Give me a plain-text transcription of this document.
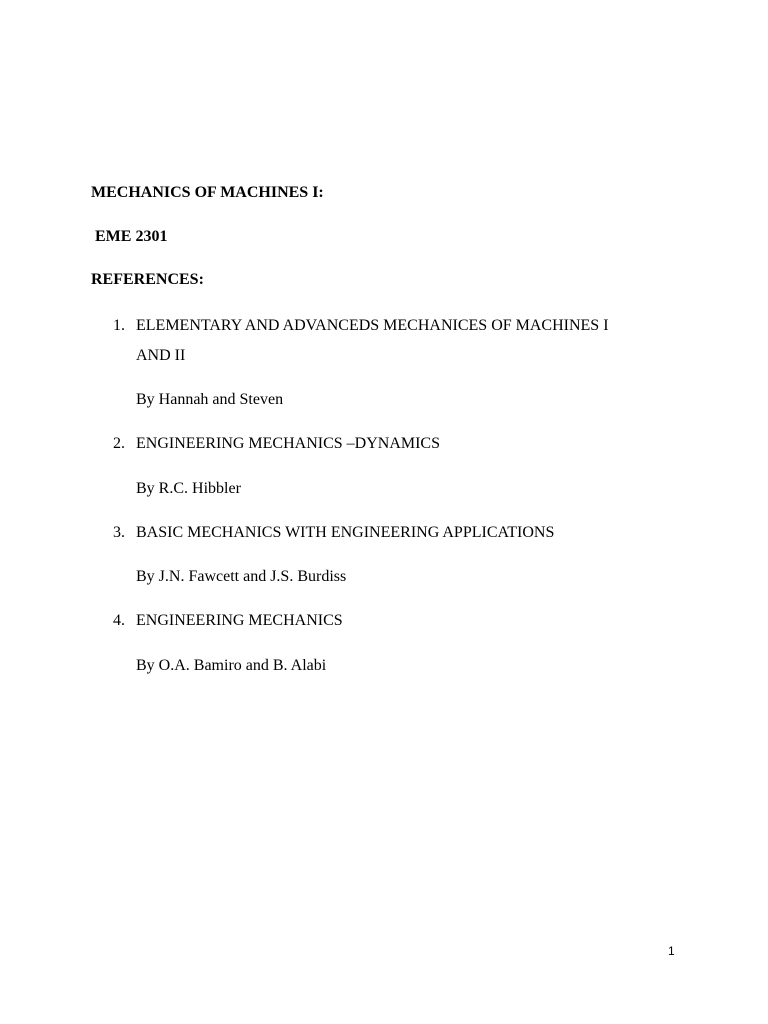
MECHANICS OF MACHINES I:
EME 2301
REFERENCES:
1. ELEMENTARY AND ADVANCEDS MECHANICES OF MACHINES I
AND II
By Hannah and Steven
2. ENGINEERING MECHANICS –DYNAMICS
By R.C. Hibbler
3. BASIC MECHANICS WITH ENGINEERING APPLICATIONS
By J.N. Fawcett and J.S. Burdiss
4. ENGINEERING MECHANICS
By O.A. Bamiro and B. Alabi
1
